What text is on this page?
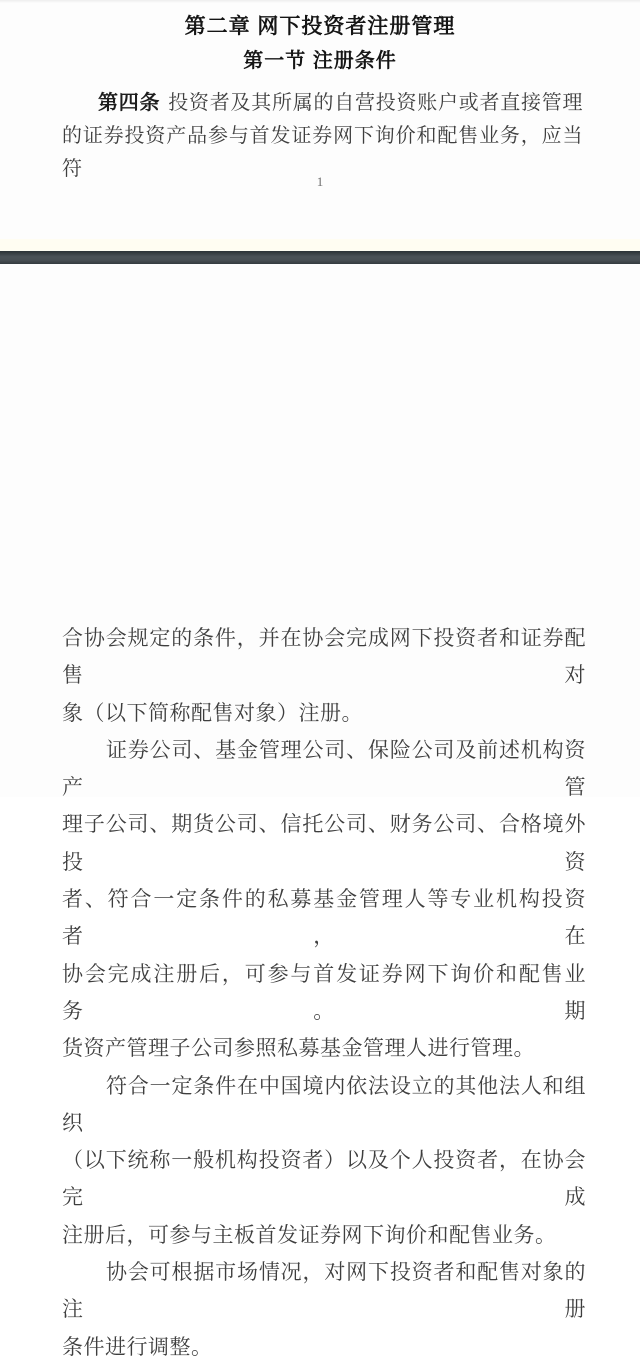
第二章 网下投资者注册管理
第一节 注册条件
第四条 投资者及其所属的自营投资账户或者直接管理
的证券投资产品参与首发证券网下询价和配售业务，应当符
1
合协会规定的条件，并在协会完成网下投资者和证券配售对
象（以下简称配售对象）注册。
证券公司、基金管理公司、保险公司及前述机构资产管
理子公司、期货公司、信托公司、财务公司、合格境外投资
者、符合一定条件的私募基金管理人等专业机构投资者，在
协会完成注册后，可参与首发证券网下询价和配售业务。期
货资产管理子公司参照私募基金管理人进行管理。
符合一定条件在中国境内依法设立的其他法人和组织
（以下统称一般机构投资者）以及个人投资者，在协会完成
注册后，可参与主板首发证券网下询价和配售业务。
协会可根据市场情况，对网下投资者和配售对象的注册
条件进行调整。
